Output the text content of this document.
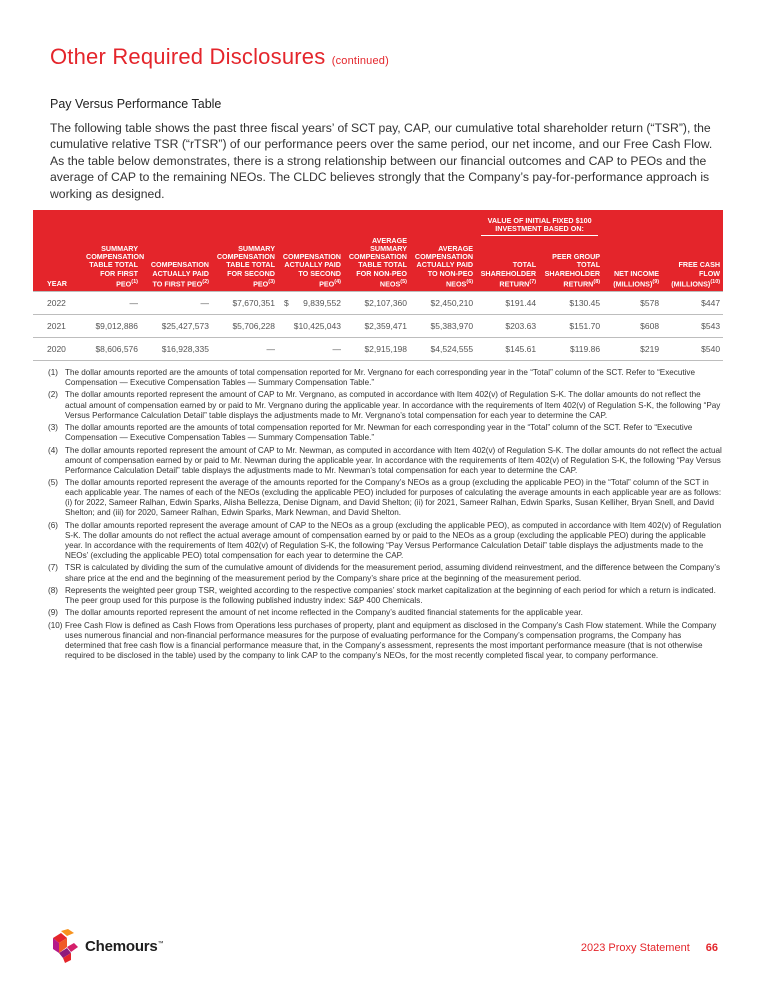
Other Required Disclosures (continued)
Pay Versus Performance Table

The following table shows the past three fiscal years’ of SCT pay, CAP, our cumulative total shareholder return (“TSR”), the cumulative relative TSR (“rTSR”) of our performance peers over the same period, our net income, and our Free Cash Flow. As the table below demonstrates, there is a strong relationship between our financial outcomes and CAP to PEOs and the average of CAP to the remaining NEOs. The CLDC believes strongly that the Company’s pay-for-performance approach is working as designed.

							VALUE OF INITIAL FIXED $100 INVESTMENT BASED ON:			

YEAR	SUMMARY COMPENSATION TABLE TOTAL FOR FIRST PEO$^{(1)}$	COMPENSATION ACTUALLY PAID TO FIRST PEO$^{(2)}$	SUMMARY COMPENSATION TABLE TOTAL FOR SECOND PEO$^{(3)}$	COMPENSATION ACTUALLY PAID TO SECOND PEO$^{(4)}$	AVERAGE SUMMARY COMPENSATION TABLE TOTAL FOR NON-PEO NEOS$^{(5)}$	AVERAGE COMPENSATION ACTUALLY PAID TO NON-PEO NEOS$^{(6)}$	TOTAL SHAREHOLDER RETURN$^{(7)}$	PEER GROUP TOTAL SHAREHOLDER RETURN$^{(8)}$	NET INCOME (MILLIONS)$^{(9)}$	FREE CASH FLOW (MILLIONS)$^{(10)}$
2022	—	—	$7,670,351	$ 9,839,552	$2,107,360	$2,450,210	$191.44	$130.45	$578	$447
2021	$9,012,886	$25,427,573	$5,706,228	$10,425,043	$2,359,471	$5,383,970	$203.63	$151.70	$608	$543
2020	$8,606,576	$16,928,335	—	—	$2,915,198	$4,524,555	$145.61	$119.86	$219	$540
(1) The dollar amounts reported are the amounts of total compensation reported for Mr. Vergnano for each corresponding year in the “Total” column of the SCT. Refer to “Executive Compensation — Executive Compensation Tables — Summary Compensation Table.”
(2) The dollar amounts reported represent the amount of CAP to Mr. Vergnano, as computed in accordance with Item 402(v) of Regulation S-K. The dollar amounts do not reflect the actual amount of compensation earned by or paid to Mr. Vergnano during the applicable year. In accordance with the requirements of Item 402(v) of Regulation S-K, the following “Pay Versus Performance Calculation Detail” table displays the adjustments made to Mr. Vergnano’s total compensation for each year to determine the CAP.
(3) The dollar amounts reported are the amounts of total compensation reported for Mr. Newman for each corresponding year in the “Total” column of the SCT. Refer to “Executive Compensation — Executive Compensation Tables — Summary Compensation Table.”
(4) The dollar amounts reported represent the amount of CAP to Mr. Newman, as computed in accordance with Item 402(v) of Regulation S-K. The dollar amounts do not reflect the actual amount of compensation earned by or paid to Mr. Newman during the applicable year. In accordance with the requirements of Item 402(v) of Regulation S-K, the following “Pay Versus Performance Calculation Detail” table displays the adjustments made to Mr. Newman’s total compensation for each year to determine the CAP.
(5) The dollar amounts reported represent the average of the amounts reported for the Company’s NEOs as a group (excluding the applicable PEO) in the “Total” column of the SCT in each applicable year. The names of each of the NEOs (excluding the applicable PEO) included for purposes of calculating the average amounts in each applicable year are as follows: (i) for 2022, Sameer Ralhan, Edwin Sparks, Alisha Bellezza, Denise Dignam, and David Shelton; (ii) for 2021, Sameer Ralhan, Edwin Sparks, Susan Kelliher, Bryan Snell, and David Shelton; and (iii) for 2020, Sameer Ralhan, Edwin Sparks, Mark Newman, and David Shelton.
(6) The dollar amounts reported represent the average amount of CAP to the NEOs as a group (excluding the applicable PEO), as computed in accordance with Item 402(v) of Regulation S-K. The dollar amounts do not reflect the actual average amount of compensation earned by or paid to the NEOs as a group (excluding the applicable PEO) during the applicable year. In accordance with the requirements of Item 402(v) of Regulation S-K, the following “Pay Versus Performance Calculation Detail” table displays the adjustments made to the NEOs’ (excluding the applicable PEO) total compensation for each year to determine the CAP.
(7) TSR is calculated by dividing the sum of the cumulative amount of dividends for the measurement period, assuming dividend reinvestment, and the difference between the Company’s share price at the end and the beginning of the measurement period by the Company’s share price at the beginning of the measurement period.
(8) Represents the weighted peer group TSR, weighted according to the respective companies’ stock market capitalization at the beginning of each period for which a return is indicated. The peer group used for this purpose is the following published industry index: S&P 400 Chemicals.
(9) The dollar amounts reported represent the amount of net income reflected in the Company’s audited financial statements for the applicable year.
(10) Free Cash Flow is defined as Cash Flows from Operations less purchases of property, plant and equipment as disclosed in the Company’s Cash Flow statement. While the Company uses numerous financial and non-financial performance measures for the purpose of evaluating performance for the Company’s compensation programs, the Company has determined that free cash flow is a financial performance measure that, in the Company’s assessment, represents the most important performance measure (that is not otherwise required to be disclosed in the table) used by the company to link CAP to the company’s NEOs, for the most recently completed fiscal year, to company performance.
Chemours™	2023 Proxy Statement 66
